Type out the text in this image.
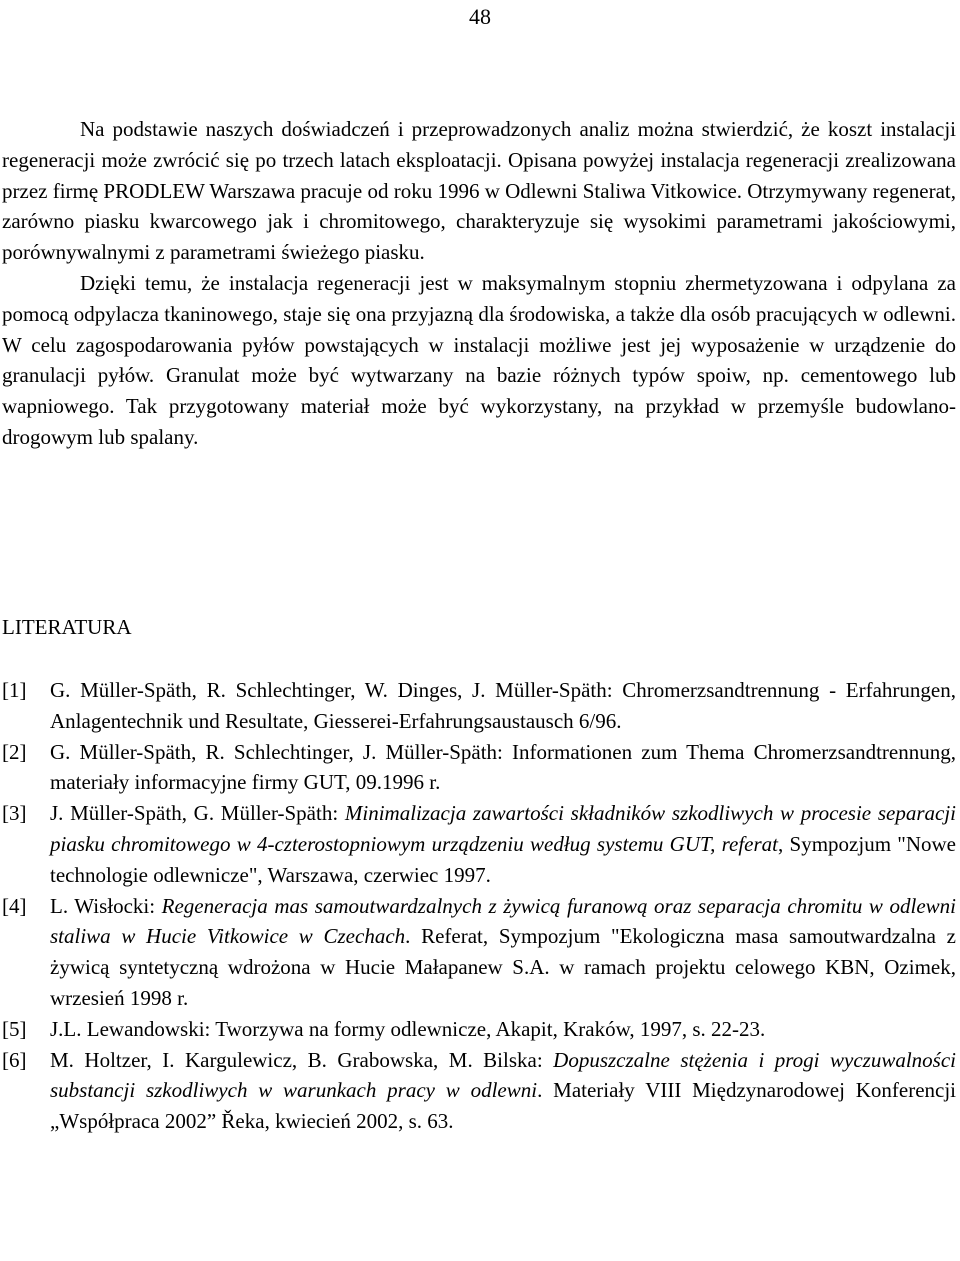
48

Na podstawie naszych doświadczeń i przeprowadzonych analiz można stwierdzić, że koszt instalacji regeneracji może zwrócić się po trzech latach eksploatacji. Opisana powyżej instalacja regeneracji zrealizowana przez firmę PRODLEW Warszawa pracuje od roku 1996 w Odlewni Staliwa Vitkowice. Otrzymywany regenerat, zarówno piasku kwarcowego jak i chromitowego, charakteryzuje się wysokimi parametrami jakościowymi, porównywalnymi z parametrami świeżego piasku.

Dzięki temu, że instalacja regeneracji jest w maksymalnym stopniu zhermetyzowana i odpylana za pomocą odpylacza tkaninowego, staje się ona przyjazną dla środowiska, a także dla osób pracujących w odlewni. W celu zagospodarowania pyłów powstających w instalacji możliwe jest jej wyposażenie w urządzenie do granulacji pyłów. Granulat może być wytwarzany na bazie różnych typów spoiw, np. cementowego lub wapniowego. Tak przygotowany materiał może być wykorzystany, na przykład w przemyśle budowlano-drogowym lub spalany.

LITERATURA
[1] G. Müller-Späth, R. Schlechtinger, W. Dinges, J. Müller-Späth: Chromerzsandtrennung - Erfahrungen, Anlagentechnik und Resultate, Giesserei-Erfahrungsaustausch 6/96.
[2] G. Müller-Späth, R. Schlechtinger, J. Müller-Späth: Informationen zum Thema Chromerzsandtrennung, materiały informacyjne firmy GUT, 09.1996 r.
[3] J. Müller-Späth, G. Müller-Späth: Minimalizacja zawartości składników szkodliwych w procesie separacji piasku chromitowego w 4-czterostopniowym urządzeniu według systemu GUT, referat, Sympozjum "Nowe technologie odlewnicze", Warszawa, czerwiec 1997.
[4] L. Wisłocki: Regeneracja mas samoutwardzalnych z żywicą furanową oraz separacja chromitu w odlewni staliwa w Hucie Vitkowice w Czechach. Referat, Sympozjum "Ekologiczna masa samoutwardzalna z żywicą syntetyczną wdrożona w Hucie Małapanew S.A. w ramach projektu celowego KBN, Ozimek, wrzesień 1998 r.
[5] J.L. Lewandowski: Tworzywa na formy odlewnicze, Akapit, Kraków, 1997, s. 22-23.
[6] M. Holtzer, I. Kargulewicz, B. Grabowska, M. Bilska: Dopuszczalne stężenia i progi wyczuwalności substancji szkodliwych w warunkach pracy w odlewni. Materiały VIII Międzynarodowej Konferencji „Współpraca 2002” Řeka, kwiecień 2002, s. 63.
